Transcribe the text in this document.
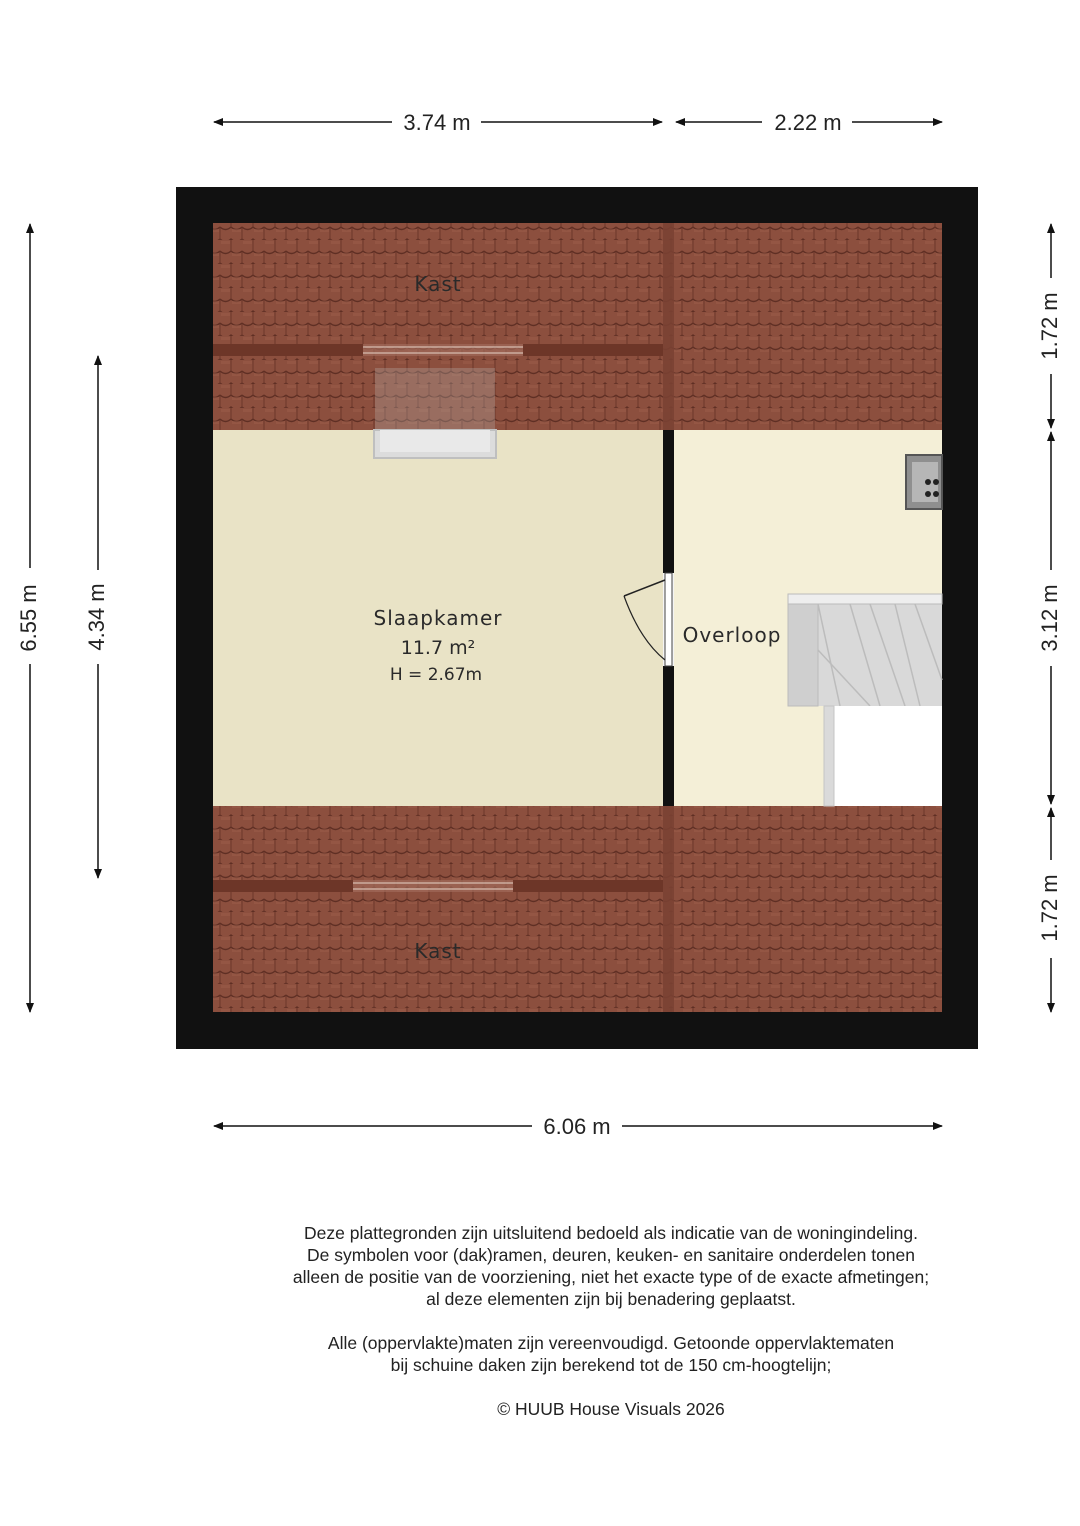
3.74 m	2.22 m
6.06 m
6.55 m 4.34 m
1.72 m
3.12 m
1.72 m
Kast
Kast
Slaapkamer
11.7 m²
H = 2.67m
Overloop

Deze plattegronden zijn uitsluitend bedoeld als indicatie van de woningindeling.

De symbolen voor (dak)ramen, deuren, keuken- en sanitaire onderdelen tonen

alleen de positie van de voorziening, niet het exacte type of de exacte afmetingen;

al deze elementen zijn bij benadering geplaatst.

Alle (oppervlakte)maten zijn vereenvoudigd. Getoonde oppervlaktematen

bij schuine daken zijn berekend tot de 150 cm-hoogtelijn;

© HUUB House Visuals 2026
